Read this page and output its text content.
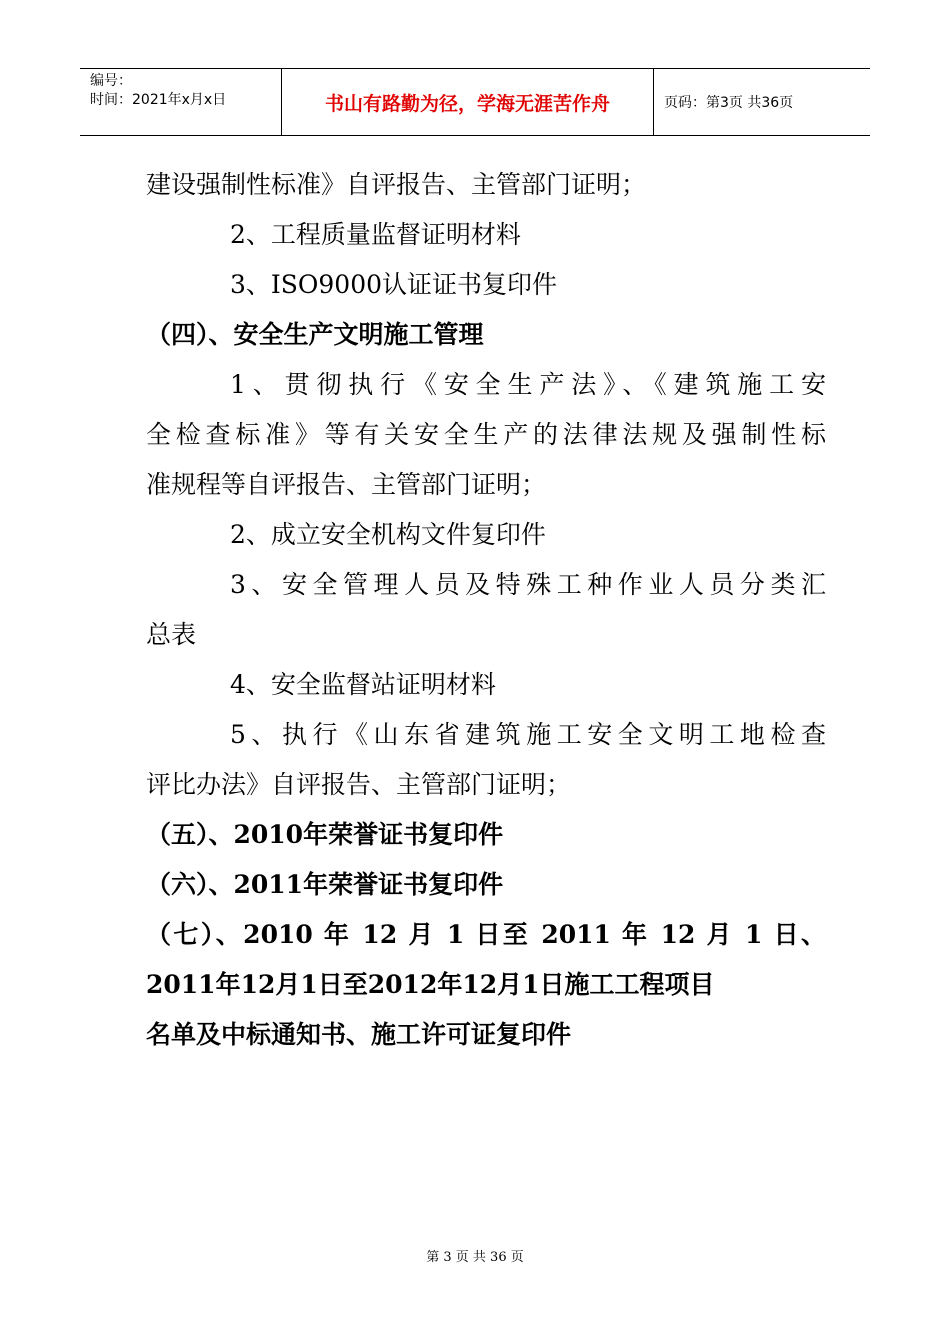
编号：
时间：2021年x月x日	书山有路勤为径，学海无涯苦作舟	页码：第3页 共36页
建设强制性标准》自评报告、主管部门证明；
2、工程质量监督证明材料
3、ISO9000认证证书复印件
（四）、安全生产文明施工管理
1、贯彻执行《安全生产法》、《建筑施工安
全检查标准》等有关安全生产的法律法规及强制性标
准规程等自评报告、主管部门证明；
2、成立安全机构文件复印件
3、安全管理人员及特殊工种作业人员分类汇
总表
4、安全监督站证明材料
5、执行《山东省建筑施工安全文明工地检查
评比办法》自评报告、主管部门证明；
（五）、2010年荣誉证书复印件
（六）、2011年荣誉证书复印件
（七）、2010 年 12 月 1 日至 2011 年 12 月 1 日、
2011年12月1日至2012年12月1日施工工程项目
名单及中标通知书、施工许可证复印件
第 3 页 共 36 页
